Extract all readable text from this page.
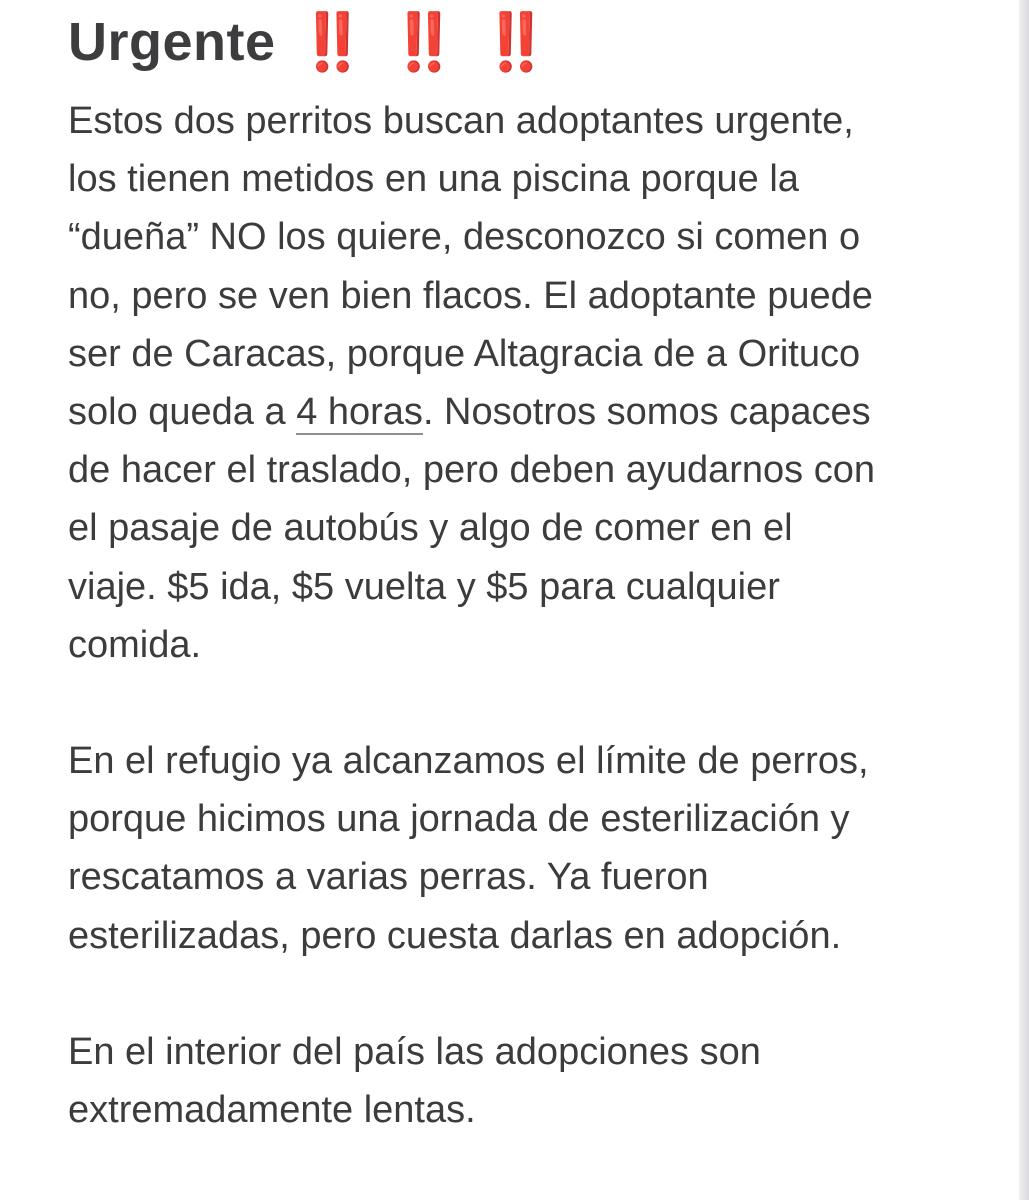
Urgente ‼️ ‼️ ‼️

Estos dos perritos buscan adoptantes urgente,
los tienen metidos en una piscina porque la
“dueña” NO los quiere, desconozco si comen o
no, pero se ven bien flacos. El adoptante puede
ser de Caracas, porque Altagracia de a Orituco
solo queda a 4 horas. Nosotros somos capaces
de hacer el traslado, pero deben ayudarnos con
el pasaje de autobús y algo de comer en el
viaje. $5 ida, $5 vuelta y $5 para cualquier
comida.

En el refugio ya alcanzamos el límite de perros,
porque hicimos una jornada de esterilización y
rescatamos a varias perras. Ya fueron
esterilizadas, pero cuesta darlas en adopción.

En el interior del país las adopciones son
extremadamente lentas.
